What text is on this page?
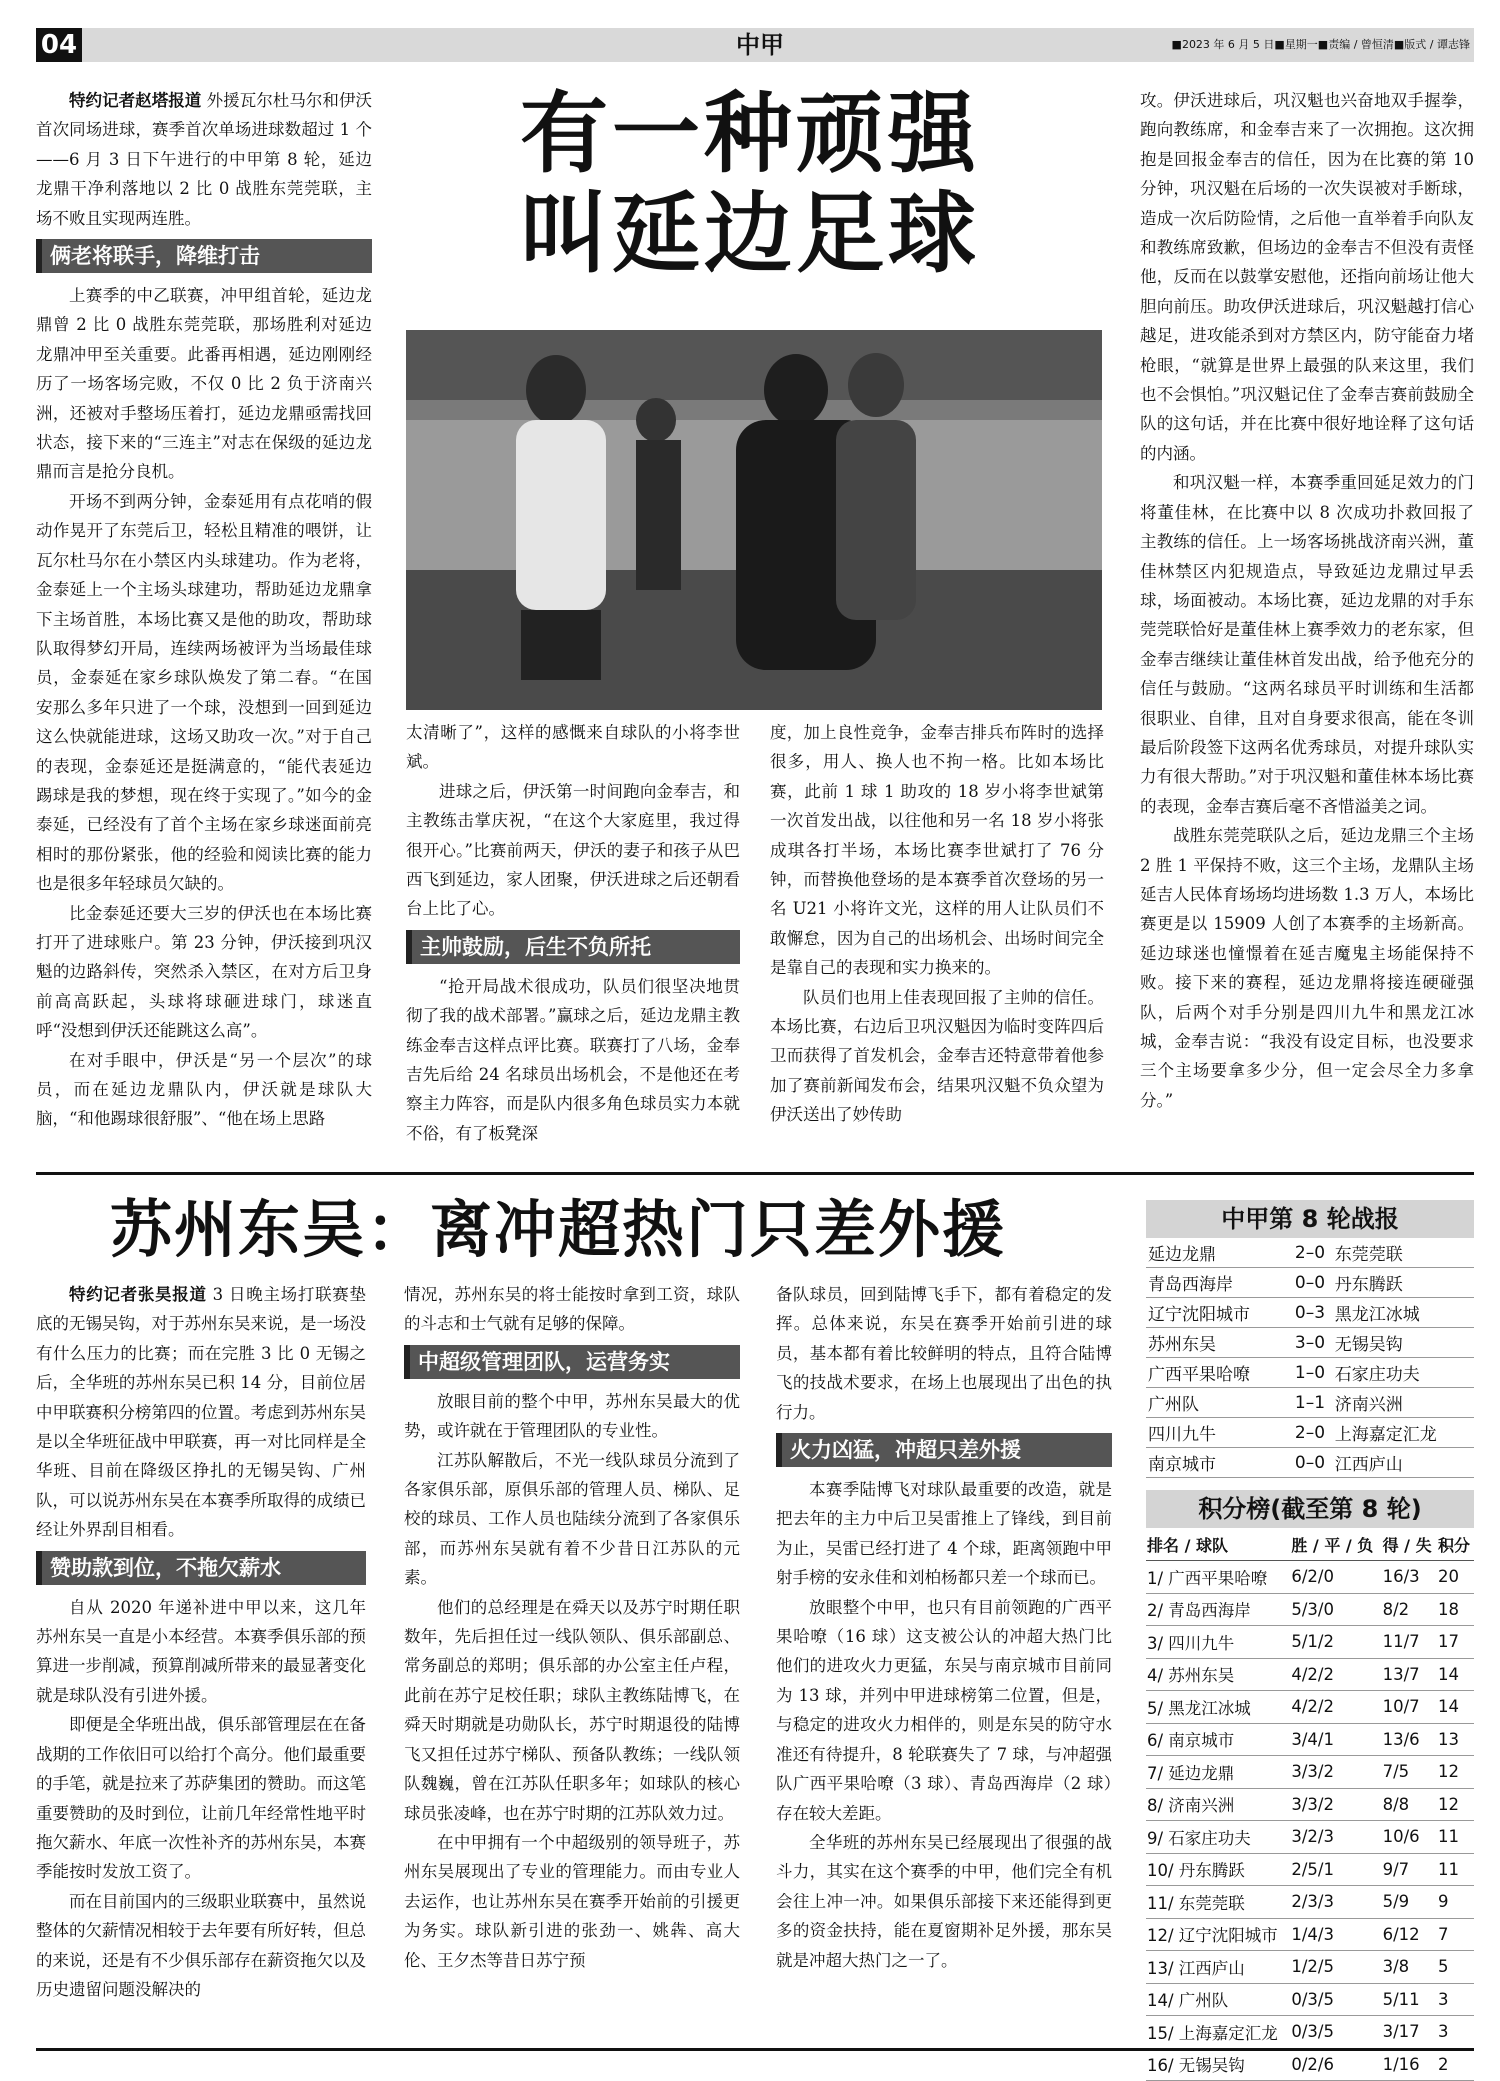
04	中甲	■2023 年 6 月 5 日■星期一■责编 / 曾恒清■版式 / 谭志锋
有一种顽强
叫延边足球

特约记者赵塔报道 外援瓦尔杜马尔和伊沃首次同场进球，赛季首次单场进球数超过 1 个——6 月 3 日下午进行的中甲第 8 轮，延边龙鼎干净利落地以 2 比 0 战胜东莞莞联，主场不败且实现两连胜。

俩老将联手，降维打击

上赛季的中乙联赛，冲甲组首轮，延边龙鼎曾 2 比 0 战胜东莞莞联，那场胜利对延边龙鼎冲甲至关重要。此番再相遇，延边刚刚经历了一场客场完败，不仅 0 比 2 负于济南兴洲，还被对手整场压着打，延边龙鼎亟需找回状态，接下来的“三连主”对志在保级的延边龙鼎而言是抢分良机。

开场不到两分钟，金泰延用有点花哨的假动作晃开了东莞后卫，轻松且精准的喂饼，让瓦尔杜马尔在小禁区内头球建功。作为老将，金泰延上一个主场头球建功，帮助延边龙鼎拿下主场首胜，本场比赛又是他的助攻，帮助球队取得梦幻开局，连续两场被评为当场最佳球员，金泰延在家乡球队焕发了第二春。“在国安那么多年只进了一个球，没想到一回到延边这么快就能进球，这场又助攻一次。”对于自己的表现，金泰延还是挺满意的，“能代表延边踢球是我的梦想，现在终于实现了。”如今的金泰延，已经没有了首个主场在家乡球迷面前亮相时的那份紧张，他的经验和阅读比赛的能力也是很多年轻球员欠缺的。

比金泰延还要大三岁的伊沃也在本场比赛打开了进球账户。第 23 分钟，伊沃接到巩汉魁的边路斜传，突然杀入禁区，在对方后卫身前高高跃起，头球将球砸进球门，球迷直呼“没想到伊沃还能跳这么高”。

在对手眼中，伊沃是“另一个层次”的球员，而在延边龙鼎队内，伊沃就是球队大脑，“和他踢球很舒服”、“他在场上思路

太清晰了”，这样的感慨来自球队的小将李世斌。

进球之后，伊沃第一时间跑向金奉吉，和主教练击掌庆祝，“在这个大家庭里，我过得很开心。”比赛前两天，伊沃的妻子和孩子从巴西飞到延边，家人团聚，伊沃进球之后还朝看台上比了心。

主帅鼓励，后生不负所托

“抢开局战术很成功，队员们很坚决地贯彻了我的战术部署。”赢球之后，延边龙鼎主教练金奉吉这样点评比赛。联赛打了八场，金奉吉先后给 24 名球员出场机会，不是他还在考察主力阵容，而是队内很多角色球员实力本就不俗，有了板凳深

度，加上良性竞争，金奉吉排兵布阵时的选择很多，用人、换人也不拘一格。比如本场比赛，此前 1 球 1 助攻的 18 岁小将李世斌第一次首发出战，以往他和另一名 18 岁小将张成琪各打半场，本场比赛李世斌打了 76 分钟，而替换他登场的是本赛季首次登场的另一名 U21 小将许文光，这样的用人让队员们不敢懈怠，因为自己的出场机会、出场时间完全是靠自己的表现和实力换来的。

队员们也用上佳表现回报了主帅的信任。本场比赛，右边后卫巩汉魁因为临时变阵四后卫而获得了首发机会，金奉吉还特意带着他参加了赛前新闻发布会，结果巩汉魁不负众望为伊沃送出了妙传助

攻。伊沃进球后，巩汉魁也兴奋地双手握拳，跑向教练席，和金奉吉来了一次拥抱。这次拥抱是回报金奉吉的信任，因为在比赛的第 10 分钟，巩汉魁在后场的一次失误被对手断球，造成一次后防险情，之后他一直举着手向队友和教练席致歉，但场边的金奉吉不但没有责怪他，反而在以鼓掌安慰他，还指向前场让他大胆向前压。助攻伊沃进球后，巩汉魁越打信心越足，进攻能杀到对方禁区内，防守能奋力堵枪眼，“就算是世界上最强的队来这里，我们也不会惧怕。”巩汉魁记住了金奉吉赛前鼓励全队的这句话，并在比赛中很好地诠释了这句话的内涵。

和巩汉魁一样，本赛季重回延足效力的门将董佳林，在比赛中以 8 次成功扑救回报了主教练的信任。上一场客场挑战济南兴洲，董佳林禁区内犯规造点，导致延边龙鼎过早丢球，场面被动。本场比赛，延边龙鼎的对手东莞莞联恰好是董佳林上赛季效力的老东家，但金奉吉继续让董佳林首发出战，给予他充分的信任与鼓励。“这两名球员平时训练和生活都很职业、自律，且对自身要求很高，能在冬训最后阶段签下这两名优秀球员，对提升球队实力有很大帮助。”对于巩汉魁和董佳林本场比赛的表现，金奉吉赛后毫不吝惜溢美之词。

战胜东莞莞联队之后，延边龙鼎三个主场 2 胜 1 平保持不败，这三个主场，龙鼎队主场延吉人民体育场场均进场数 1.3 万人，本场比赛更是以 15909 人创了本赛季的主场新高。延边球迷也憧憬着在延吉魔鬼主场能保持不败。接下来的赛程，延边龙鼎将接连硬碰强队，后两个对手分别是四川九牛和黑龙江冰城，金奉吉说：“我没有设定目标，也没要求三个主场要拿多少分，但一定会尽全力多拿分。”

苏州东吴：离冲超热门只差外援

特约记者张昊报道 3 日晚主场打联赛垫底的无锡吴钩，对于苏州东吴来说，是一场没有什么压力的比赛；而在完胜 3 比 0 无锡之后，全华班的苏州东吴已积 14 分，目前位居中甲联赛积分榜第四的位置。考虑到苏州东吴是以全华班征战中甲联赛，再一对比同样是全华班、目前在降级区挣扎的无锡吴钩、广州队，可以说苏州东吴在本赛季所取得的成绩已经让外界刮目相看。

赞助款到位，不拖欠薪水

自从 2020 年递补进中甲以来，这几年苏州东吴一直是小本经营。本赛季俱乐部的预算进一步削减，预算削减所带来的最显著变化就是球队没有引进外援。

即便是全华班出战，俱乐部管理层在在备战期的工作依旧可以给打个高分。他们最重要的手笔，就是拉来了苏萨集团的赞助。而这笔重要赞助的及时到位，让前几年经常性地平时拖欠薪水、年底一次性补齐的苏州东吴，本赛季能按时发放工资了。

而在目前国内的三级职业联赛中，虽然说整体的欠薪情况相较于去年要有所好转，但总的来说，还是有不少俱乐部存在薪资拖欠以及历史遗留问题没解决的

情况，苏州东吴的将士能按时拿到工资，球队的斗志和士气就有足够的保障。

中超级管理团队，运营务实

放眼目前的整个中甲，苏州东吴最大的优势，或许就在于管理团队的专业性。

江苏队解散后，不光一线队球员分流到了各家俱乐部，原俱乐部的管理人员、梯队、足校的球员、工作人员也陆续分流到了各家俱乐部，而苏州东吴就有着不少昔日江苏队的元素。

他们的总经理是在舜天以及苏宁时期任职数年，先后担任过一线队领队、俱乐部副总、常务副总的郑明；俱乐部的办公室主任卢程，此前在苏宁足校任职；球队主教练陆博飞，在舜天时期就是功勋队长，苏宁时期退役的陆博飞又担任过苏宁梯队、预备队教练；一线队领队魏巍，曾在江苏队任职多年；如球队的核心球员张凌峰，也在苏宁时期的江苏队效力过。

在中甲拥有一个中超级别的领导班子，苏州东吴展现出了专业的管理能力。而由专业人去运作，也让苏州东吴在赛季开始前的引援更为务实。球队新引进的张劲一、姚犇、高大伦、王夕杰等昔日苏宁预

备队球员，回到陆博飞手下，都有着稳定的发挥。总体来说，东吴在赛季开始前引进的球员，基本都有着比较鲜明的特点，且符合陆博飞的技战术要求，在场上也展现出了出色的执行力。

火力凶猛，冲超只差外援

本赛季陆博飞对球队最重要的改造，就是把去年的主力中后卫吴雷推上了锋线，到目前为止，吴雷已经打进了 4 个球，距离领跑中甲射手榜的安永佳和刘柏杨都只差一个球而已。

放眼整个中甲，也只有目前领跑的广西平果哈嘹（16 球）这支被公认的冲超大热门比他们的进攻火力更猛，东吴与南京城市目前同为 13 球，并列中甲进球榜第二位置，但是，与稳定的进攻火力相伴的，则是东吴的防守水准还有待提升，8 轮联赛失了 7 球，与冲超强队广西平果哈嘹（3 球）、青岛西海岸（2 球）存在较大差距。

全华班的苏州东吴已经展现出了很强的战斗力，其实在这个赛季的中甲，他们完全有机会往上冲一冲。如果俱乐部接下来还能得到更多的资金扶持，能在夏窗期补足外援，那东吴就是冲超大热门之一了。

中甲第 8 轮战报
延边龙鼎	2–0	东莞莞联
青岛西海岸	0–0	丹东腾跃
辽宁沈阳城市	0–3	黑龙江冰城
苏州东吴	3–0	无锡吴钩
广西平果哈嘹	1–0	石家庄功夫
广州队	1–1	济南兴洲
四川九牛	2–0	上海嘉定汇龙
南京城市	0–0	江西庐山
积分榜(截至第 8 轮)
排名 / 球队	胜 / 平 / 负	得 / 失	积分
1/ 广西平果哈嘹	6/2/0	16/3	20
2/ 青岛西海岸	5/3/0	8/2	18
3/ 四川九牛	5/1/2	11/7	17
4/ 苏州东吴	4/2/2	13/7	14
5/ 黑龙江冰城	4/2/2	10/7	14
6/ 南京城市	3/4/1	13/6	13
7/ 延边龙鼎	3/3/2	7/5	12
8/ 济南兴洲	3/3/2	8/8	12
9/ 石家庄功夫	3/2/3	10/6	11
10/ 丹东腾跃	2/5/1	9/7	11
11/ 东莞莞联	2/3/3	5/9	9
12/ 辽宁沈阳城市	1/4/3	6/12	7
13/ 江西庐山	1/2/5	3/8	5
14/ 广州队	0/3/5	5/11	3
15/ 上海嘉定汇龙	0/3/5	3/17	3
16/ 无锡吴钩	0/2/6	1/16	2
